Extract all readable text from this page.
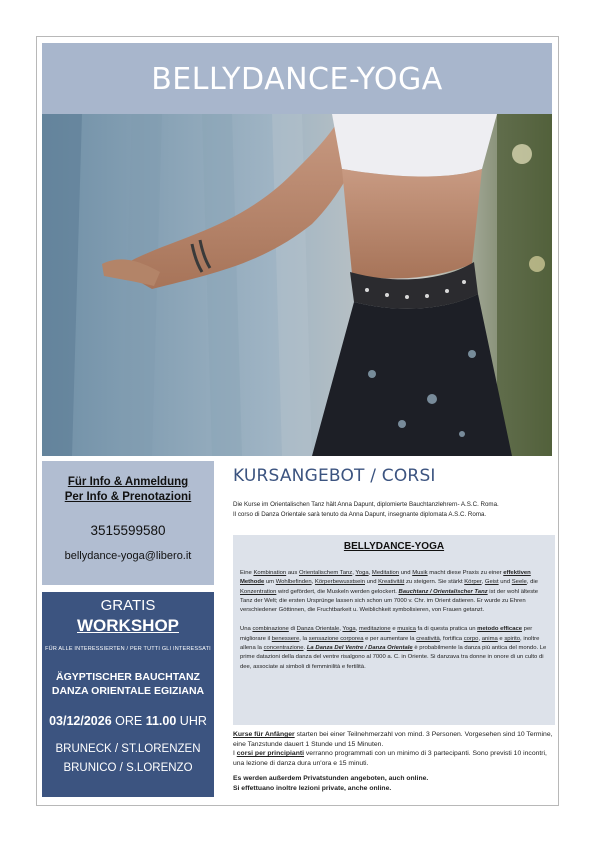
BELLYDANCE-YOGA
Für Info & Anmeldung
Per Info & Prenotazioni
3515599580
bellydance-yoga@libero.it
GRATIS
WORKSHOP
FÜR ALLE INTERESSIERTEN / PER TUTTI GLI INTERESSATI
ÄGYPTISCHER BAUCHTANZ
DANZA ORIENTALE EGIZIANA
03/12/2026 ORE 11.00 UHR
BRUNECK / ST.LORENZEN
BRUNICO / S.LORENZO
KURSANGEBOT / CORSI
Die Kurse im Orientalischen Tanz hält Anna Dapunt, diplomierte Bauchtanzlehrern- A.S.C. Roma.
Il corso di Danza Orientale sarà tenuto da Anna Dapunt, insegnante diplomata A.S.C. Roma.
BELLYDANCE-YOGA

Eine Kombination aus Orientalischem Tanz, Yoga, Meditation und Musik macht diese Praxis zu einer effektiven Methode um Wohlbefinden, Körperbewusstsein und Kreativität zu steigern. Sie stärkt Körper, Geist und Seele, die Konzentration wird gefördert, die Muskeln werden gelockert. Bauchtanz / Orientalischer Tanz ist der wohl älteste Tanz der Welt; die ersten Ursprünge lassen sich schon um 7000 v. Chr. im Orient datieren. Er wurde zu Ehren verschiedener Göttinnen, die Fruchtbarkeit u. Weiblichkeit symbolisieren, von Frauen getanzt.

Una combinazione di Danza Orientale, Yoga, meditazione e musica fa di questa pratica un metodo efficace per migliorare il benessere, la sensazione corporea e per aumentare la creatività, fortifica corpo, anima e spirito, inoltre allena la concentrazione. La Danza Del Ventre / Danza Orientale è probabilmente la danza più antica del mondo. Le prime datazioni della danza del ventre risalgono al 7000 a. C. in Oriente. Si danzava tra donne in onore di un culto di dee, associate ai simboli di femminilità e fertilità.

Kurse für Anfänger starten bei einer Teilnehmerzahl von mind. 3 Personen. Vorgesehen sind 10 Termine, eine Tanzstunde dauert 1 Stunde und 15 Minuten.
I corsi per principianti verranno programmati con un minimo di 3 partecipanti. Sono previsti 10 incontri, una lezione di danza dura un'ora e 15 minuti.
Es werden außerdem Privatstunden angeboten, auch online.
Si effettuano inoltre lezioni private, anche online.
